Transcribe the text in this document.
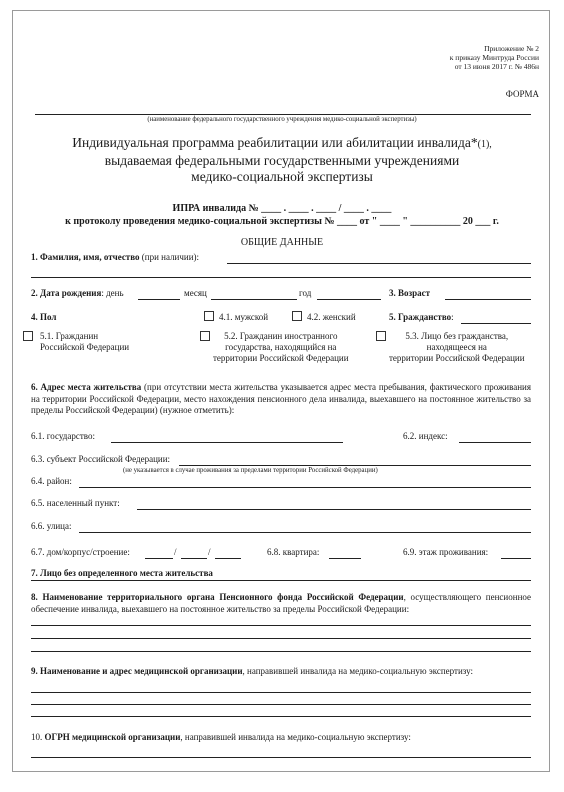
Приложение № 2
к приказу Минтруда России
от 13 июня 2017 г. № 486н
ФОРМА
(наименование федерального государственного учреждения медико-социальной экспертизы)
Индивидуальная программа реабилитации или абилитации инвалида*(1),
выдаваемая федеральными государственными учреждениями
медико-социальной экспертизы
ИПРА инвалида № ____ . ____ . ____ / ____ . ____
к протоколу проведения медико-социальной экспертизы № ____ от " ____ " __________ 20 ___ г.
ОБЩИЕ ДАННЫЕ
1. Фамилия, имя, отчество (при наличии):
2. Дата рождения: день	месяц	год	3. Возраст
4. Пол	4.1. мужской	4.2. женский	5. Гражданство:
5.1. Гражданин
Российской Федерации
5.2. Гражданин иностранного
государства, находящийся на
территории Российской Федерации
5.3. Лицо без гражданства,
находящееся на
территории Российской Федерации
6. Адрес места жительства (при отсутствии места жительства указывается адрес места пребывания, фактического проживания на территории Российской Федерации, место нахождения пенсионного дела инвалида, выехавшего на постоянное жительство за пределы Российской Федерации) (нужное отметить):
6.1. государство:	6.2. индекс:
6.3. субъект Российской Федерации:
(не указывается в случае проживания за пределами территории Российской Федерации)
6.4. район:
6.5. населенный пункт:
6.6. улица:
6.7. дом/корпус/строение:	/	/	6.8. квартира:	6.9. этаж проживания:
7. Лицо без определенного места жительства
8. Наименование территориального органа Пенсионного фонда Российской Федерации, осуществляющего пенсионное обеспечение инвалида, выехавшего на постоянное жительство за пределы Российской Федерации:
9. Наименование и адрес медицинской организации, направившей инвалида на медико-социальную экспертизу:
10. ОГРН медицинской организации, направившей инвалида на медико-социальную экспертизу:
